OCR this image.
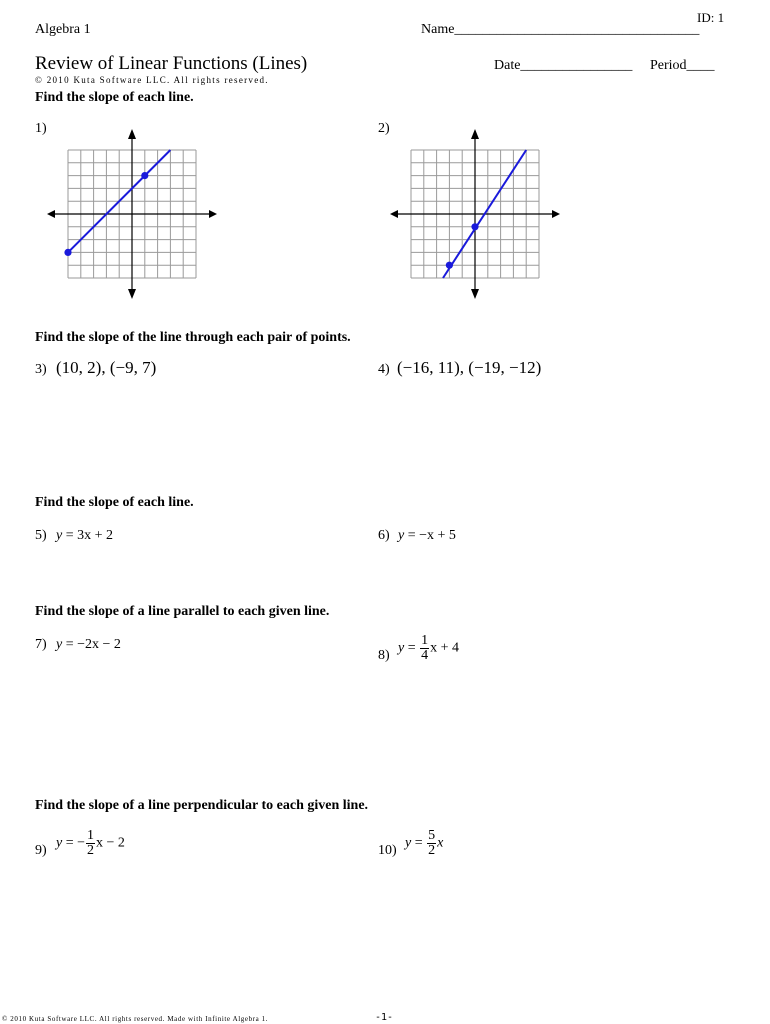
ID: 1
Algebra 1	Name___________________________________
Review of Linear Functions (Lines)	Date________________ Period____
© 2010 Kuta Software LLC. All rights reserved.
Find the slope of each line.
1)	2)
Find the slope of the line through each pair of points.
3) (10, 2), (−9, 7)	4) (−16, 11), (−19, −12)
Find the slope of each line.
5) y = 3x + 2	6) y = −x + 5
Find the slope of a line parallel to each given line.
7) y = −2x − 2
8) $y = \frac{1}{4}$ x + 4
Find the slope of a line perpendicular to each given line.
9) y = − $\frac{1}{2}$ x − 2	10) $y = \frac{5}{2}$ x
© 2010 Kuta Software LLC. All rights reserved. Made with Infinite Algebra 1.	-1-
